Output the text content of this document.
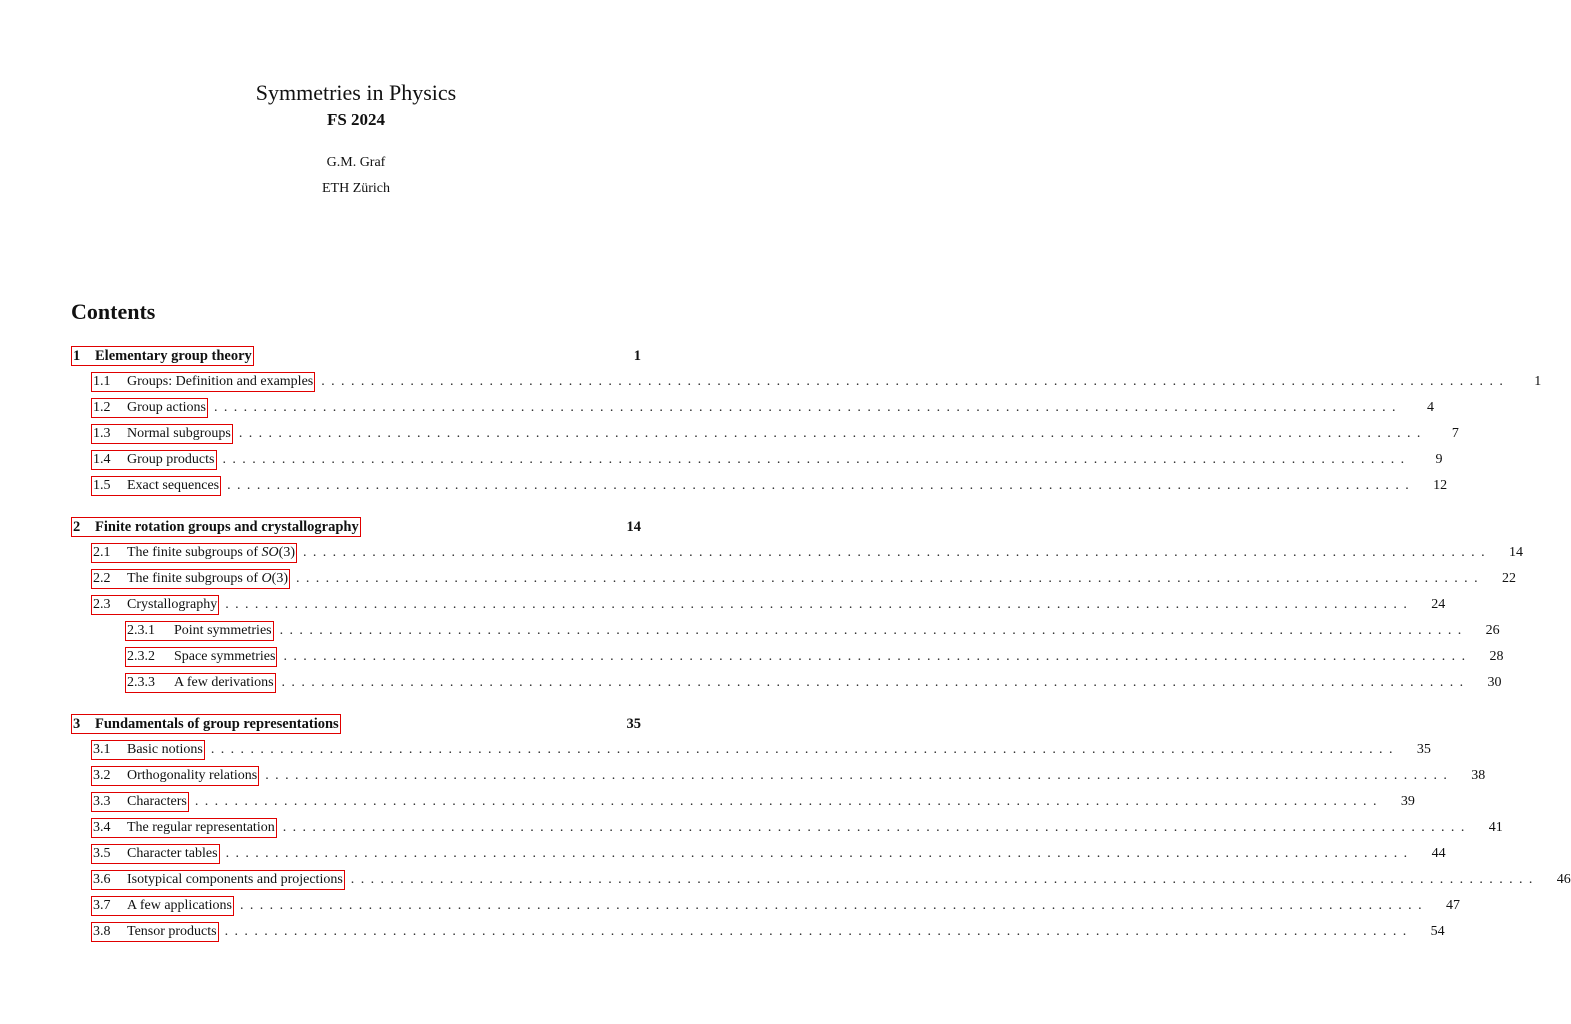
Symmetries in Physics
FS 2024
G.M. Graf
ETH Zürich
Contents
1	Elementary group theory	1
1.1	Groups: Definition and examples ........................................................................................................................	1
1.2	Group actions ........................................................................................................................	4
1.3	Normal subgroups ........................................................................................................................	7
1.4	Group products ........................................................................................................................	9
1.5	Exact sequences ........................................................................................................................	12
2	Finite rotation groups and crystallography	14
2.1	The finite subgroups of SO(3) ........................................................................................................................	14
2.2	The finite subgroups of O(3) ........................................................................................................................	22
2.3	Crystallography ........................................................................................................................	24
2.3.1	Point symmetries ........................................................................................................................	26
2.3.2	Space symmetries ........................................................................................................................	28
2.3.3	A few derivations ........................................................................................................................	30
3	Fundamentals of group representations	35
3.1	Basic notions ........................................................................................................................	35
3.2	Orthogonality relations ........................................................................................................................	38
3.3	Characters ........................................................................................................................	39
3.4	The regular representation ........................................................................................................................	41
3.5	Character tables ........................................................................................................................	44
3.6	Isotypical components and projections ........................................................................................................................	46
3.7	A few applications ........................................................................................................................	47
3.8	Tensor products ........................................................................................................................	54
